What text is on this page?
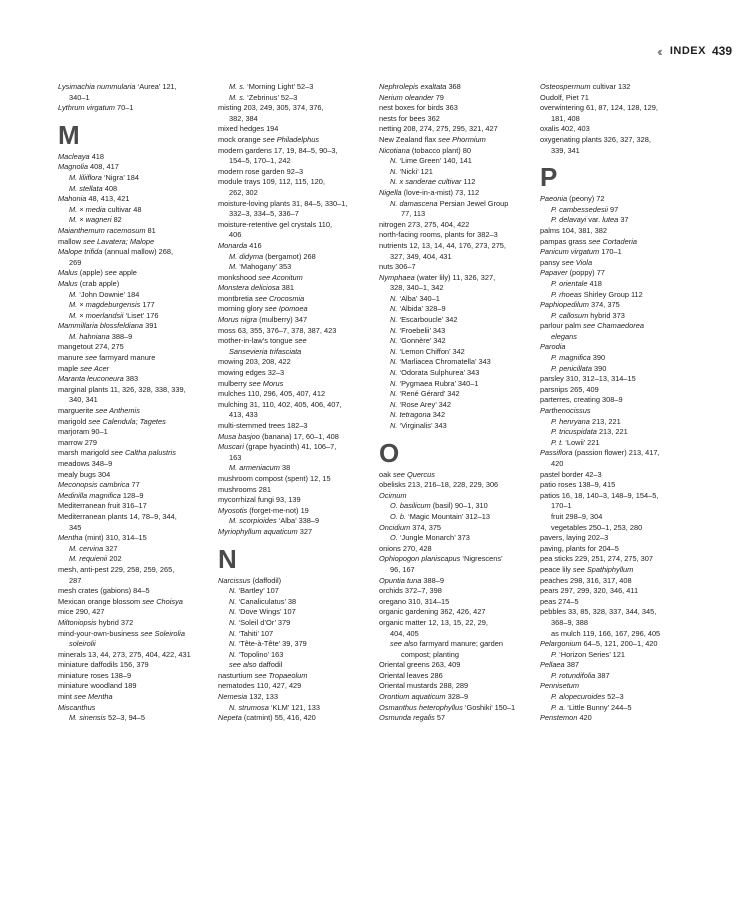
‹‹ INDEX 439
Lysimachia nummularia ‘Aurea’ 121,
340–1
Lythrum virgatum 70–1
M
Macleaya 418
Magnolia 408, 417
M. liliiflora ‘Nigra’ 184
M. stellata 408
Mahonia 48, 413, 421
M. × media cultivar 48
M. × wagneri 82
Maianthemum racemosum 81
mallow see Lavatera; Malope
Malope trifida (annual mallow) 268,
269
Malus (apple) see apple
Malus (crab apple)
M. ‘John Downie’ 184
M. × magdeburgensis 177
M. × moerlandsii ‘Liset’ 176
Mammillaria blossfeldiana 391
M. hahniana 388–9
mangetout 274, 275
manure see farmyard manure
maple see Acer
Maranta leuconeura 383
marginal plants 11, 326, 328, 338, 339,
340, 341
marguerite see Anthemis
marigold see Calendula; Tagetes
marjoram 90–1
marrow 279
marsh marigold see Caltha palustris
meadows 348–9
mealy bugs 304
Meconopsis cambrica 77
Medinilla magnifica 128–9
Mediterranean fruit 316–17
Mediterranean plants 14, 78–9, 344,
345
Mentha (mint) 310, 314–15
M. cervina 327
M. requienii 202
mesh, anti-pest 229, 258, 259, 265,
287
mesh crates (gabions) 84–5
Mexican orange blossom see Choisya
mice 290, 427
Miltoniopsis hybrid 372
mind-your-own-business see Soleirolia
soleirolii
minerals 13, 44, 273, 275, 404, 422, 431
miniature daffodils 156, 379
miniature roses 138–9
miniature woodland 189
mint see Mentha
Miscanthus
M. sinensis 52–3, 94–5
M. s. ‘Morning Light’ 52–3
M. s. ‘Zebrinus’ 52–3
misting 203, 249, 305, 374, 376,
382, 384
mixed hedges 194
mock orange see Philadelphus
modern gardens 17, 19, 84–5, 90–3,
154–5, 170–1, 242
modern rose garden 92–3
module trays 109, 112, 115, 120,
262, 302
moisture-loving plants 31, 84–5, 330–1,
332–3, 334–5, 336–7
moisture-retentive gel crystals 110,
406
Monarda 416
M. didyma (bergamot) 268
M. ‘Mahogany’ 353
monkshood see Aconitum
Monstera deliciosa 381
montbretia see Crocosmia
morning glory see Ipomoea
Morus nigra (mulberry) 347
moss 63, 355, 376–7, 378, 387, 423
mother-in-law’s tongue see
Sansevieria trifasciata
mowing 203, 208, 422
mowing edges 32–3
mulberry see Morus
mulches 110, 296, 405, 407, 412
mulching 31, 110, 402, 405, 406, 407,
413, 433
multi-stemmed trees 182–3
Musa basjoo (banana) 17, 60–1, 408
Muscari (grape hyacinth) 41, 106–7,
163
M. armeniacum 38
mushroom compost (spent) 12, 15
mushrooms 281
mycorrhizal fungi 93, 139
Myosotis (forget-me-not) 19
M. scorpioides ‘Alba’ 338–9
Myriophyllum aquaticum 327
N
Narcissus (daffodil)
N. ‘Bartley’ 107
N. ‘Canaliculatus’ 38
N. ‘Dove Wings’ 107
N. ‘Soleil d’Or’ 379
N. ‘Tahiti’ 107
N. ‘Tête-à-Tête’ 39, 379
N. ‘Topolino’ 163
see also daffodil
nasturtium see Tropaeolum
nematodes 110, 427, 429
Nemesia 132, 133
N. strumosa ‘KLM’ 121, 133
Nepeta (catmint) 55, 416, 420
Nephrolepis exaltata 368
Nerium oleander 79
nest boxes for birds 363
nests for bees 362
netting 208, 274, 275, 295, 321, 427
New Zealand flax see Phormium
Nicotiana (tobacco plant) 80
N. ‘Lime Green’ 140, 141
N. ‘Nicki’ 121
N. x sanderae cultivar 112
Nigella (love-in-a-mist) 73, 112
N. damascena Persian Jewel Group
77, 113
nitrogen 273, 275, 404, 422
north-facing rooms, plants for 382–3
nutrients 12, 13, 14, 44, 176, 273, 275,
327, 349, 404, 431
nuts 306–7
Nymphaea (water lily) 11, 326, 327,
328, 340–1, 342
N. ‘Alba’ 340–1
N. ‘Albida’ 328–9
N. ‘Escarboucle’ 342
N. ‘Froebelii’ 343
N. ‘Gonnère’ 342
N. ‘Lemon Chiffon’ 342
N. ‘Marliacea Chromatella’ 343
N. ‘Odorata Sulphurea’ 343
N. ‘Pygmaea Rubra’ 340–1
N. ‘René Gérard’ 342
N. ‘Rose Arey’ 342
N. tetragona 342
N. ‘Virginalis’ 343
O
oak see Quercus
obelisks 213, 216–18, 228, 229, 306
Ocimum
O. basilicum (basil) 90–1, 310
O. b. ‘Magic Mountain’ 312–13
Oncidium 374, 375
O. ‘Jungle Monarch’ 373
onions 270, 428
Ophiopogon planiscapus ‘Nigrescens’
96, 167
Opuntia tuna 388–9
orchids 372–7, 398
oregano 310, 314–15
organic gardening 362, 426, 427
organic matter 12, 13, 15, 22, 29,
404, 405
see also farmyard manure; garden
compost; planting
Oriental greens 263, 409
Oriental leaves 286
Oriental mustards 288, 289
Orontium aquaticum 328–9
Osmanthus heterophyllus ‘Goshiki’ 150–1
Osmunda regalis 57
Osteospermum cultivar 132
Oudolf, Piet 71
overwintering 61, 87, 124, 128, 129,
181, 408
oxalis 402, 403
oxygenating plants 326, 327, 328,
339, 341
P
Paeonia (peony) 72
P. cambessedesii 97
P. delavayi var. lutea 37
palms 104, 381, 382
pampas grass see Cortaderia
Panicum virgatum 170–1
pansy see Viola
Papaver (poppy) 77
P. orientale 418
P. rhoeas Shirley Group 112
Paphiopedilum 374, 375
P. callosum hybrid 373
parlour palm see Chamaedorea
elegans
Parodia
P. magnifica 390
P. penicillata 390
parsley 310, 312–13, 314–15
parsnips 265, 409
parterres, creating 308–9
Parthenocissus
P. henryana 213, 221
P. tricuspidata 213, 221
P. t. ‘Lowii’ 221
Passiflora (passion flower) 213, 417,
420
pastel border 42–3
patio roses 138–9, 415
patios 16, 18, 140–3, 148–9, 154–5,
170–1
fruit 298–9, 304
vegetables 250–1, 253, 280
pavers, laying 202–3
paving, plants for 204–5
pea sticks 229, 251, 274, 275, 307
peace lily see Spathiphyllum
peaches 298, 316, 317, 408
pears 297, 299, 320, 346, 411
peas 274–5
pebbles 33, 85, 328, 337, 344, 345,
368–9, 388
as mulch 119, 166, 167, 296, 405
Pelargonium 64–5, 121, 200–1, 420
P. ‘Horizon Series’ 121
Pellaea 387
P. rotundifolia 387
Pennisetum
P. alopecuroides 52–3
P. a. ‘Little Bunny’ 244–5
Penstemon 420
